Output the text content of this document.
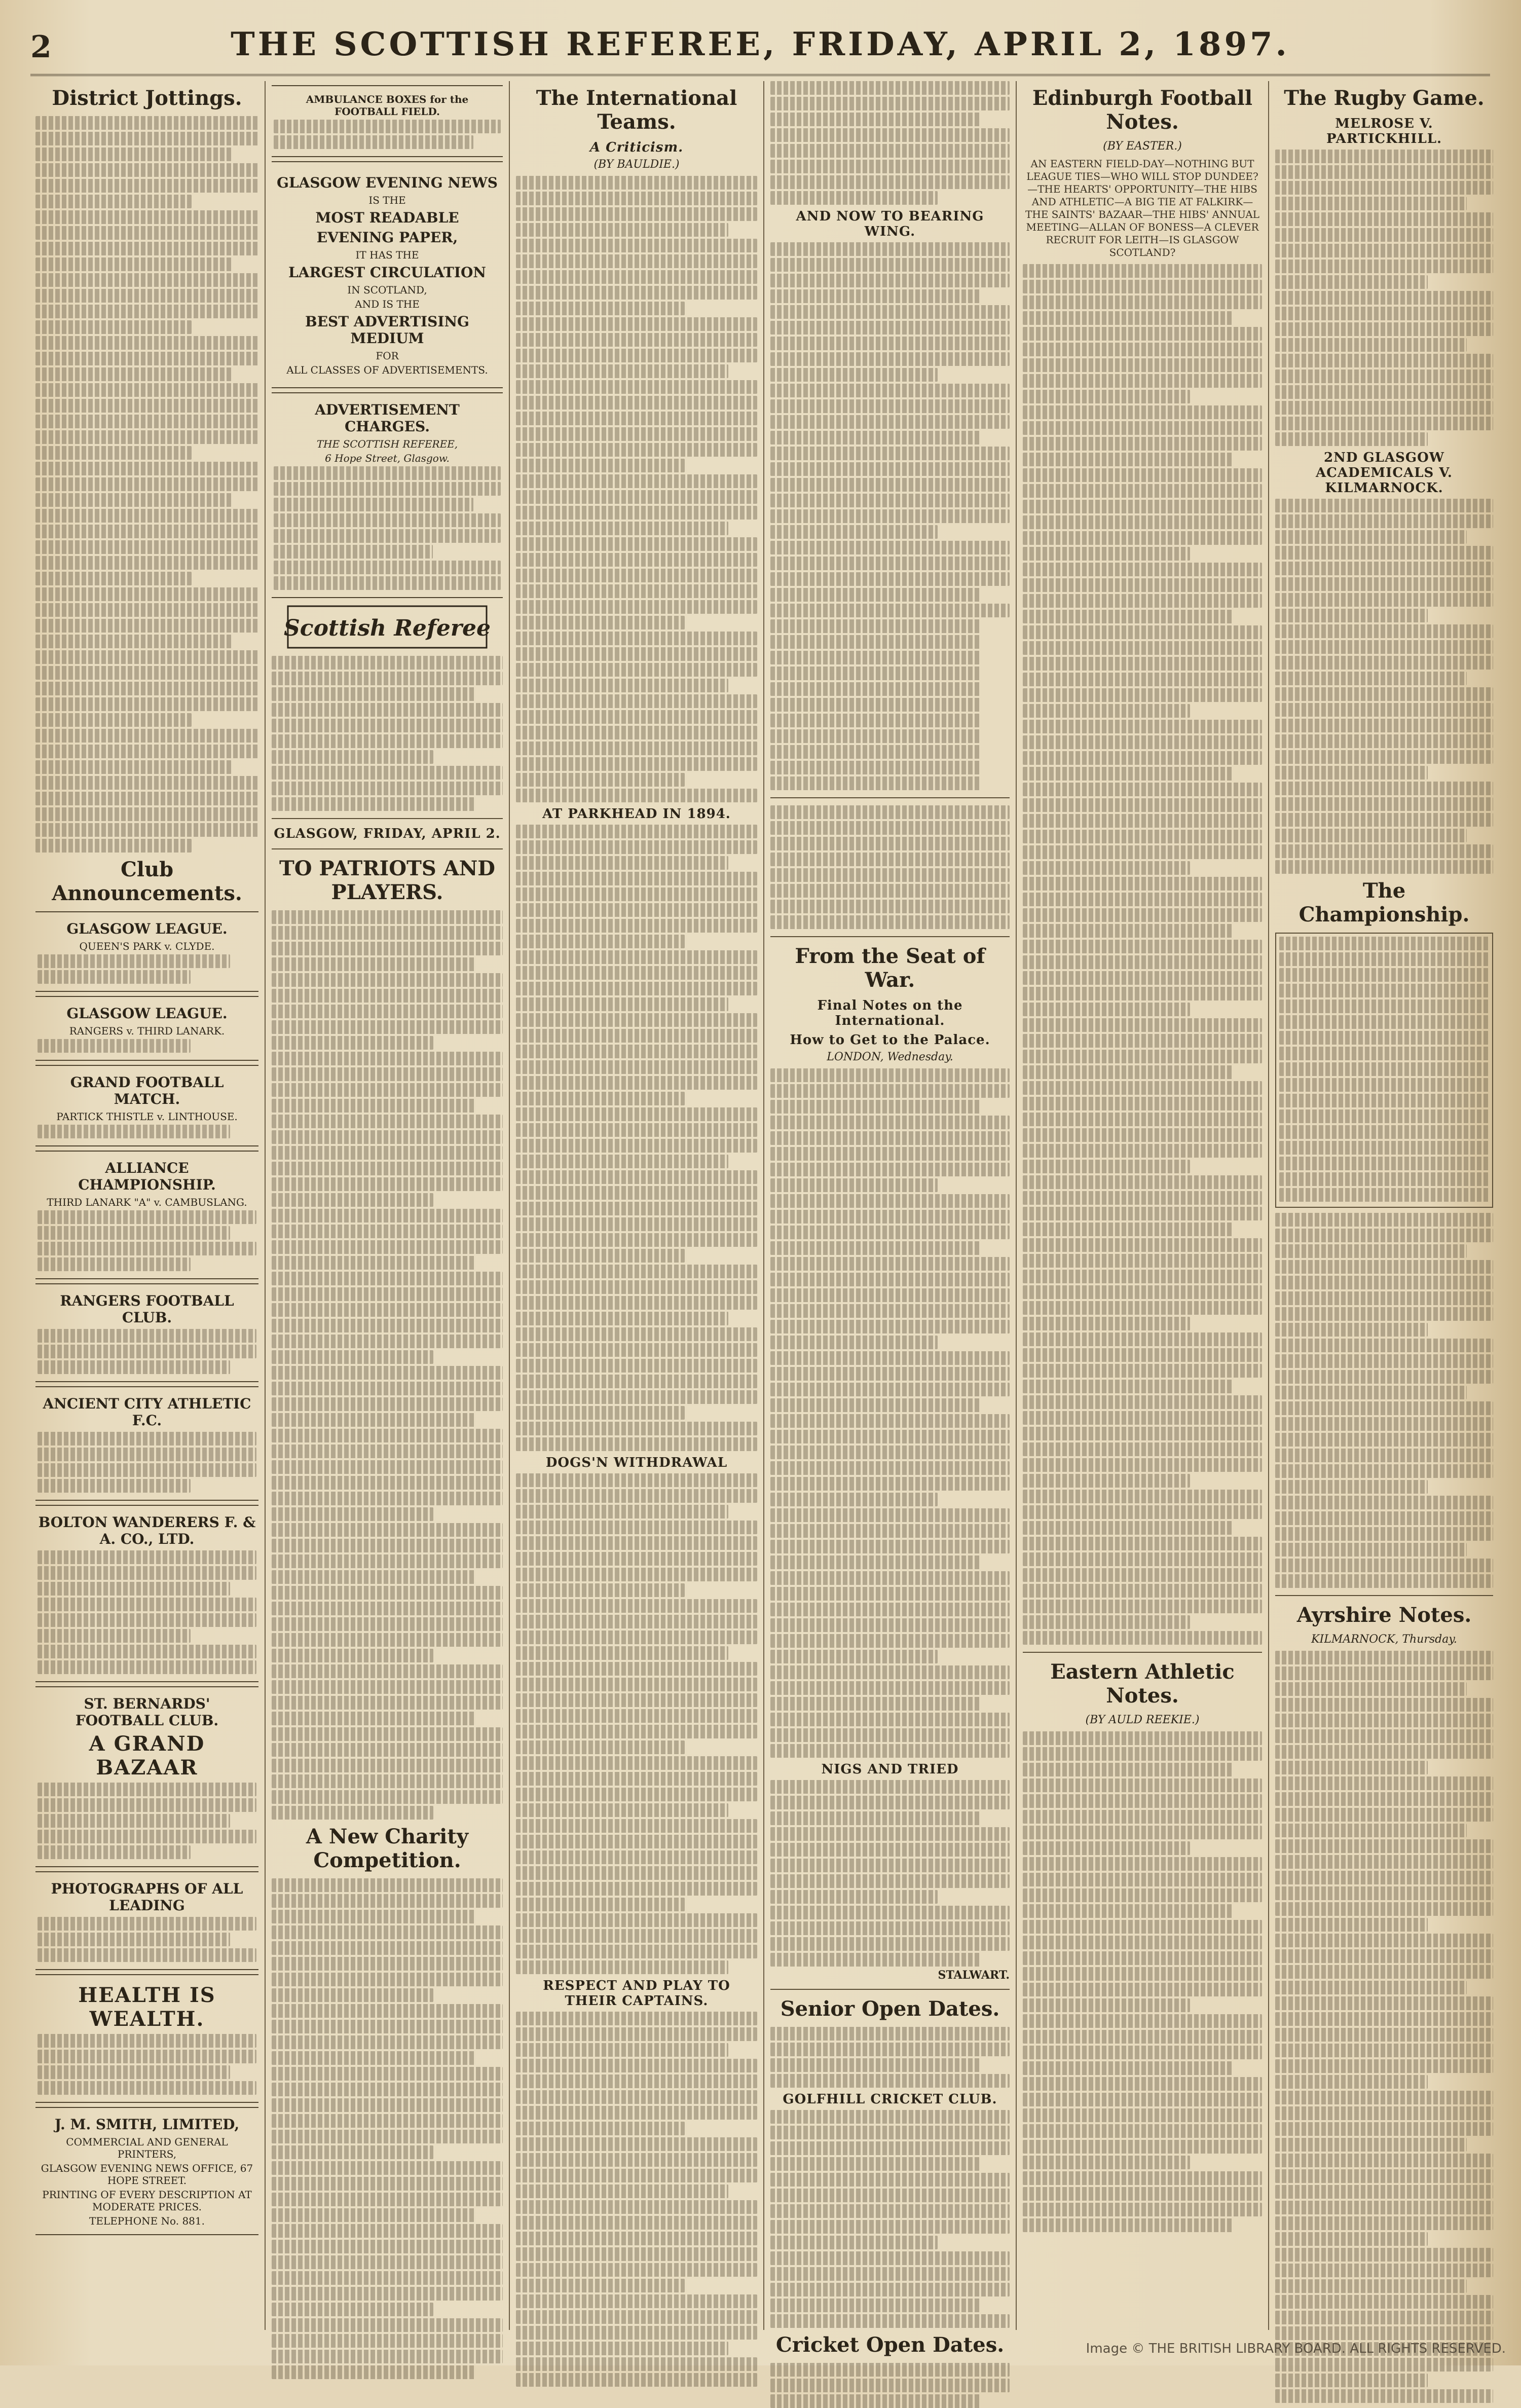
2	THE SCOTTISH REFEREE, FRIDAY, APRIL 2, 1897.
District Jottings.
Club Announcements.
GLASGOW LEAGUE.
QUEEN'S PARK v. CLYDE.
GLASGOW LEAGUE.
RANGERS v. THIRD LANARK.
GRAND FOOTBALL MATCH.
PARTICK THISTLE v. LINTHOUSE.
ALLIANCE CHAMPIONSHIP.
THIRD LANARK "A" v. CAMBUSLANG.
RANGERS FOOTBALL CLUB.
ANCIENT CITY ATHLETIC F.C.
BOLTON WANDERERS F. & A. CO., LTD.
ST. BERNARDS' FOOTBALL CLUB.
A GRAND BAZAAR
PHOTOGRAPHS OF ALL LEADING
HEALTH IS WEALTH.
J. M. SMITH, LIMITED,
COMMERCIAL AND GENERAL PRINTERS,
GLASGOW EVENING NEWS OFFICE, 67 HOPE STREET.
PRINTING OF EVERY DESCRIPTION AT MODERATE PRICES.
TELEPHONE No. 881.
AMBULANCE BOXES for the FOOTBALL FIELD.
GLASGOW EVENING NEWS
IS THE
MOST READABLE
EVENING PAPER,
IT HAS THE
LARGEST CIRCULATION
IN SCOTLAND,
AND IS THE
BEST ADVERTISING MEDIUM
FOR
ALL CLASSES OF ADVERTISEMENTS.
ADVERTISEMENT CHARGES.
THE SCOTTISH REFEREE,
6 Hope Street, Glasgow.
Scottish Referee
GLASGOW, FRIDAY, APRIL 2.
TO PATRIOTS AND PLAYERS.
A New Charity Competition.
The International Teams.
A Criticism.
(BY BAULDIE.)
AT PARKHEAD IN 1894.
DOGS'N WITHDRAWAL
RESPECT AND PLAY TO THEIR CAPTAINS.
AND NOW TO BEARING WING.
From the Seat of War.
Final Notes on the International.
How to Get to the Palace.
LONDON, Wednesday.
NIGS AND TRIED
STALWART.
Senior Open Dates.
GOLFHILL CRICKET CLUB.
Cricket Open Dates.
Edinburgh Football Notes.
(BY EASTER.)

AN EASTERN FIELD-DAY—NOTHING BUT LEAGUE TIES—WHO WILL STOP DUNDEE?—THE HEARTS' OPPORTUNITY—THE HIBS AND ATHLETIC—A BIG TIE AT FALKIRK—THE SAINTS' BAZAAR—THE HIBS' ANNUAL MEETING—ALLAN OF BONESS—A CLEVER RECRUIT FOR LEITH—IS GLASGOW SCOTLAND?

Eastern Athletic Notes.
(BY AULD REEKIE.)
The Rugby Game.
MELROSE V. PARTICKHILL.
2ND GLASGOW ACADEMICALS V. KILMARNOCK.
The Championship.
Ayrshire Notes.
KILMARNOCK, Thursday.
Image © THE BRITISH LIBRARY BOARD. ALL RIGHTS RESERVED.
